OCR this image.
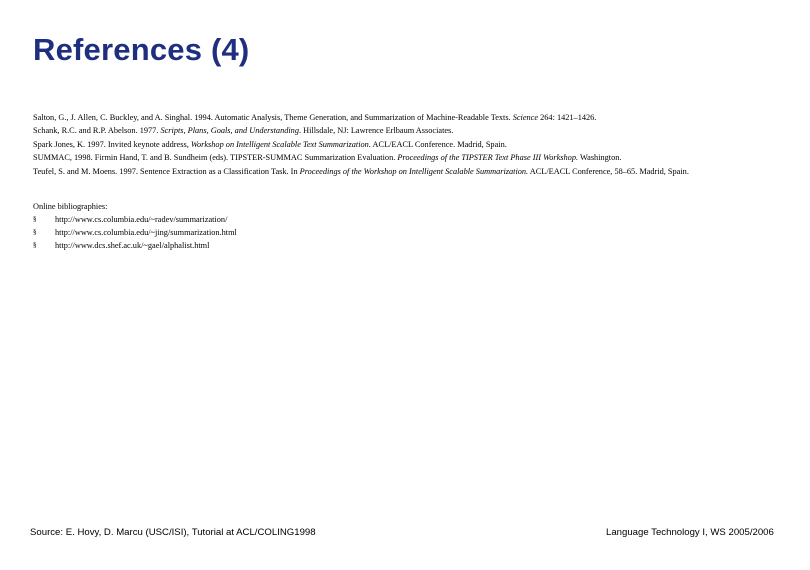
References (4)

Salton, G., J. Allen, C. Buckley, and A. Singhal. 1994. Automatic Analysis, Theme Generation, and Summarization of Machine-Readable Texts. Science 264: 1421–1426.

Schank, R.C. and R.P. Abelson. 1977. Scripts, Plans, Goals, and Understanding. Hillsdale, NJ: Lawrence Erlbaum Associates.

Spark Jones, K. 1997. Invited keynote address, Workshop on Intelligent Scalable Text Summarization. ACL/EACL Conference. Madrid, Spain.

SUMMAC, 1998. Firmin Hand, T. and B. Sundheim (eds). TIPSTER-SUMMAC Summarization Evaluation. Proceedings of the TIPSTER Text Phase III Workshop. Washington.

Teufel, S. and M. Moens. 1997. Sentence Extraction as a Classification Task. In Proceedings of the Workshop on Intelligent Scalable Summarization. ACL/EACL Conference, 58–65. Madrid, Spain.

Online bibliographies:

§ http://www.cs.columbia.edu/~radev/summarization/
§ http://www.cs.columbia.edu/~jing/summarization.html
§ http://www.dcs.shef.ac.uk/~gael/alphalist.html
Source: E. Hovy, D. Marcu (USC/ISI), Tutorial at ACL/COLING1998	Language Technology I, WS 2005/2006
